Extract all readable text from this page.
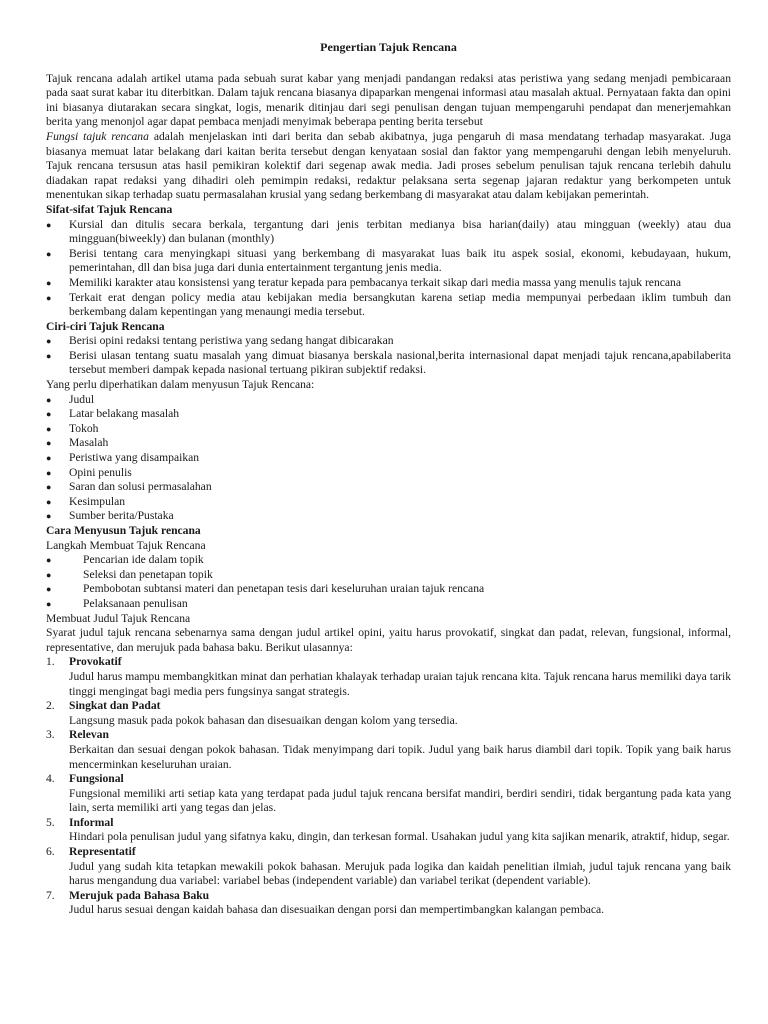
Pengertian Tajuk Rencana

Tajuk rencana adalah artikel utama pada sebuah surat kabar yang menjadi pandangan redaksi atas peristiwa yang sedang menjadi pembicaraan pada saat surat kabar itu diterbitkan. Dalam tajuk rencana biasanya dipaparkan mengenai informasi atau masalah aktual. Pernyataan fakta dan opini ini biasanya diutarakan secara singkat, logis, menarik ditinjau dari segi penulisan dengan tujuan mempengaruhi pendapat dan menerjemahkan berita yang menonjol agar dapat pembaca menjadi menyimak beberapa penting berita tersebut

Fungsi tajuk rencana adalah menjelaskan inti dari berita dan sebab akibatnya, juga pengaruh di masa mendatang terhadap masyarakat. Juga biasanya memuat latar belakang dari kaitan berita tersebut dengan kenyataan sosial dan faktor yang mempengaruhi dengan lebih menyeluruh. Tajuk rencana tersusun atas hasil pemikiran kolektif dari segenap awak media. Jadi proses sebelum penulisan tajuk rencana terlebih dahulu diadakan rapat redaksi yang dihadiri oleh pemimpin redaksi, redaktur pelaksana serta segenap jajaran redaktur yang berkompeten untuk menentukan sikap terhadap suatu permasalahan krusial yang sedang berkembang di masyarakat atau dalam kebijakan pemerintah.

Sifat-sifat Tajuk Rencana
● Kursial dan ditulis secara berkala, tergantung dari jenis terbitan medianya bisa harian(daily) atau mingguan (weekly) atau dua mingguan(biweekly) dan bulanan (monthly)
● Berisi tentang cara menyingkapi situasi yang berkembang di masyarakat luas baik itu aspek sosial, ekonomi, kebudayaan, hukum, pemerintahan, dll dan bisa juga dari dunia entertainment tergantung jenis media.
● Memiliki karakter atau konsistensi yang teratur kepada para pembacanya terkait sikap dari media massa yang menulis tajuk rencana
● Terkait erat dengan policy media atau kebijakan media bersangkutan karena setiap media mempunyai perbedaan iklim tumbuh dan berkembang dalam kepentingan yang menaungi media tersebut.
Ciri-ciri Tajuk Rencana
● Berisi opini redaksi tentang peristiwa yang sedang hangat dibicarakan
● Berisi ulasan tentang suatu masalah yang dimuat biasanya berskala nasional,berita internasional dapat menjadi tajuk rencana,apabilaberita tersebut memberi dampak kepada nasional tertuang pikiran subjektif redaksi.

Yang perlu diperhatikan dalam menyusun Tajuk Rencana:

● Judul
● Latar belakang masalah
● Tokoh
● Masalah
● Peristiwa yang disampaikan
● Opini penulis
● Saran dan solusi permasalahan
● Kesimpulan
● Sumber berita/Pustaka
Cara Menyusun Tajuk rencana

Langkah Membuat Tajuk Rencana

● Pencarian ide dalam topik
● Seleksi dan penetapan topik
● Pembobotan subtansi materi dan penetapan tesis dari keseluruhan uraian tajuk rencana
● Pelaksanaan penulisan

Membuat Judul Tajuk Rencana

Syarat judul tajuk rencana sebenarnya sama dengan judul artikel opini, yaitu harus provokatif, singkat dan padat, relevan, fungsional, informal, representative, dan merujuk pada bahasa baku. Berikut ulasannya:

1. Provokatif
Judul harus mampu membangkitkan minat dan perhatian khalayak terhadap uraian tajuk rencana kita. Tajuk rencana harus memiliki daya tarik tinggi mengingat bagi media pers fungsinya sangat strategis.
2. Singkat dan Padat
Langsung masuk pada pokok bahasan dan disesuaikan dengan kolom yang tersedia.
3. Relevan
Berkaitan dan sesuai dengan pokok bahasan. Tidak menyimpang dari topik. Judul yang baik harus diambil dari topik. Topik yang baik harus mencerminkan keseluruhan uraian.
4. Fungsional
Fungsional memiliki arti setiap kata yang terdapat pada judul tajuk rencana bersifat mandiri, berdiri sendiri, tidak bergantung pada kata yang lain, serta memiliki arti yang tegas dan jelas.
5. Informal
Hindari pola penulisan judul yang sifatnya kaku, dingin, dan terkesan formal. Usahakan judul yang kita sajikan menarik, atraktif, hidup, segar.
6. Representatif
Judul yang sudah kita tetapkan mewakili pokok bahasan. Merujuk pada logika dan kaidah penelitian ilmiah, judul tajuk rencana yang baik harus mengandung dua variabel: variabel bebas (independent variable) dan variabel terikat (dependent variable).
7. Merujuk pada Bahasa Baku
Judul harus sesuai dengan kaidah bahasa dan disesuaikan dengan porsi dan mempertimbangkan kalangan pembaca.
